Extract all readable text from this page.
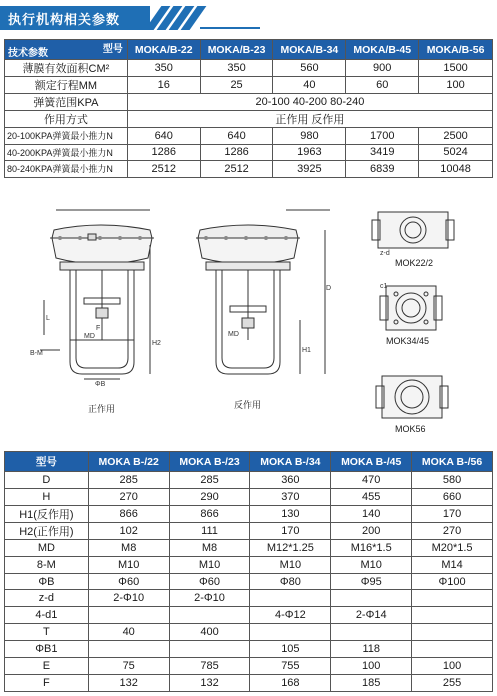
执行机构相关参数
型号
技术参数	MOKA/B-22	MOKA/B-23	MOKA/B-34	MOKA/B-45	MOKA/B-56
薄膜有效面积CM²	350	350	560	900	1500
额定行程MM	16	25	40	60	100
弹簧范围KPA	20-100 40-200 80-240				
作用方式	正作用 反作用				
20-100KPA弹簧最小推力N	640	640	980	1700	2500
40-200KPA弹簧最小推力N	1286	1286	1963	3419	5024
80-240KPA弹簧最小推力N	2512	2512	3925	6839	10048
H2
L
MD
F
ΦB
B-M	H1
MD
D
z-d
c1
正作用	反作用
MOK22/2
MOK34/45
MOK56
型号	MOKA B-/22	MOKA B-/23	MOKA B-/34	MOKA B-/45	MOKA B-/56
D	285	285	360	470	580
H	270	290	370	455	660
H1(反作用)	866	866	130	140	170
H2(正作用)	102	111	170	200	270
MD	M8	M8	M12*1.25	M16*1.5	M20*1.5
8-M	M10	M10	M10	M10	M14
ΦB	Φ60	Φ60	Φ80	Φ95	Φ100
z-d	2-Φ10	2-Φ10			
4-d1			4-Φ12	2-Φ14	
T	40	400			
ΦB1			105	118	
E	75	785	755	100	100
F	132	132	168	185	255
